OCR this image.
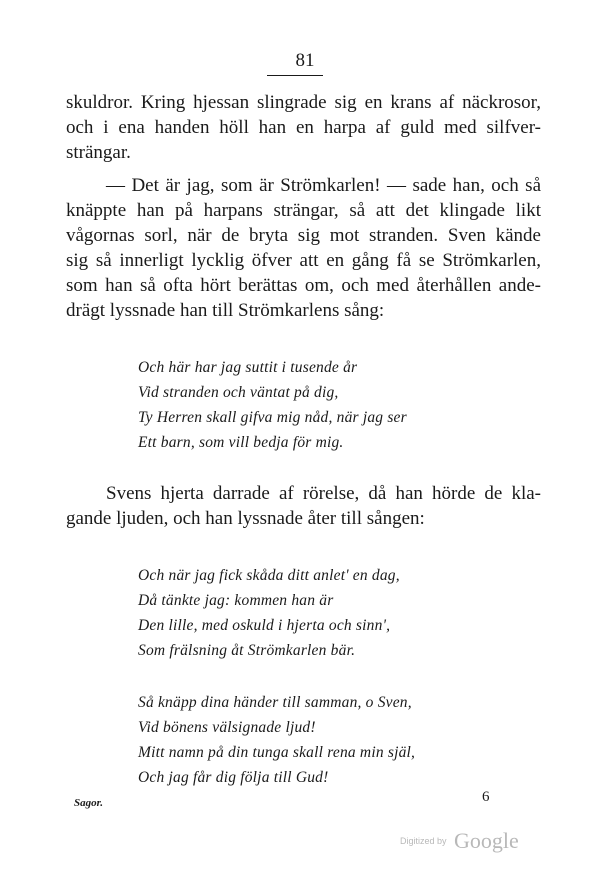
81
skuldror. Kring hjessan slingrade sig en krans af näckrosor,
och i ena handen höll han en harpa af guld med silfver-
strängar.
— Det är jag, som är Strömkarlen! — sade han, och så
knäppte han på harpans strängar, så att det klingade likt
vågornas sorl, när de bryta sig mot stranden. Sven kände
sig så innerligt lycklig öfver att en gång få se Strömkarlen,
som han så ofta hört berättas om, och med återhållen ande-
drägt lyssnade han till Strömkarlens sång:
Och här har jag suttit i tusende år
Vid stranden och väntat på dig,
Ty Herren skall gifva mig nåd, när jag ser
Ett barn, som vill bedja för mig.
Svens hjerta darrade af rörelse, då han hörde de kla-
gande ljuden, och han lyssnade åter till sången:
Och när jag fick skåda ditt anlet' en dag,
Då tänkte jag: kommen han är
Den lille, med oskuld i hjerta och sinn',
Som frälsning åt Strömkarlen bär.
Så knäpp dina händer till samman, o Sven,
Vid bönens välsignade ljud!
Mitt namn på din tunga skall rena min själ,
Och jag får dig följa till Gud!
Sagor.	6
Digitized by Google
